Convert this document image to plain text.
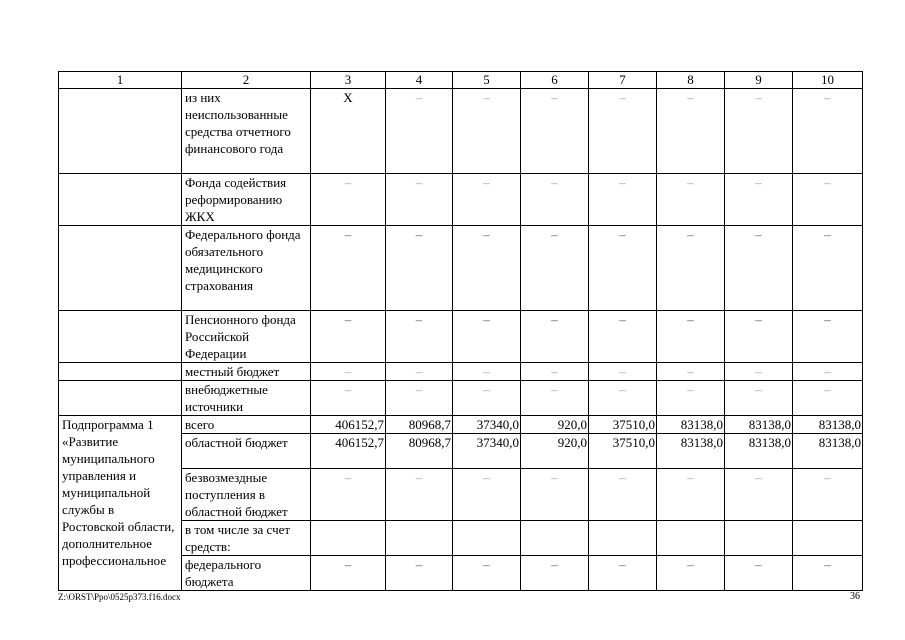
1	2	3	4	5	6	7	8	9	10
	из них неиспользованные средства отчетного финансового года	Х	–	–	–	–	–	–	–
	Фонда содействия реформированию ЖКХ	–	–	–	–	–	–	–	–
	Федерального фонда обязательного медицинского страхования	–	–	–	–	–	–	–	–
	Пенсионного фонда Российской Федерации	–	–	–	–	–	–	–	–
	местный бюджет	–	–	–	–	–	–	–	–
	внебюджетные источники	–	–	–	–	–	–	–	–
Подпрограмма 1 «Развитие муниципального управления и муниципальной службы в Ростовской области, дополнительное профессиональное	всего	406152,7	80968,7	37340,0	920,0	37510,0	83138,0	83138,0	83138,0
	областной бюджет	406152,7	80968,7	37340,0	920,0	37510,0	83138,0	83138,0	83138,0
	безвозмездные поступления в областной бюджет	–	–	–	–	–	–	–	–
	в том числе за счет средств:								
	федерального бюджета	–	–	–	–	–	–	–	–
Z:\ORST\Ppo\0525p373.f16.docx	36
